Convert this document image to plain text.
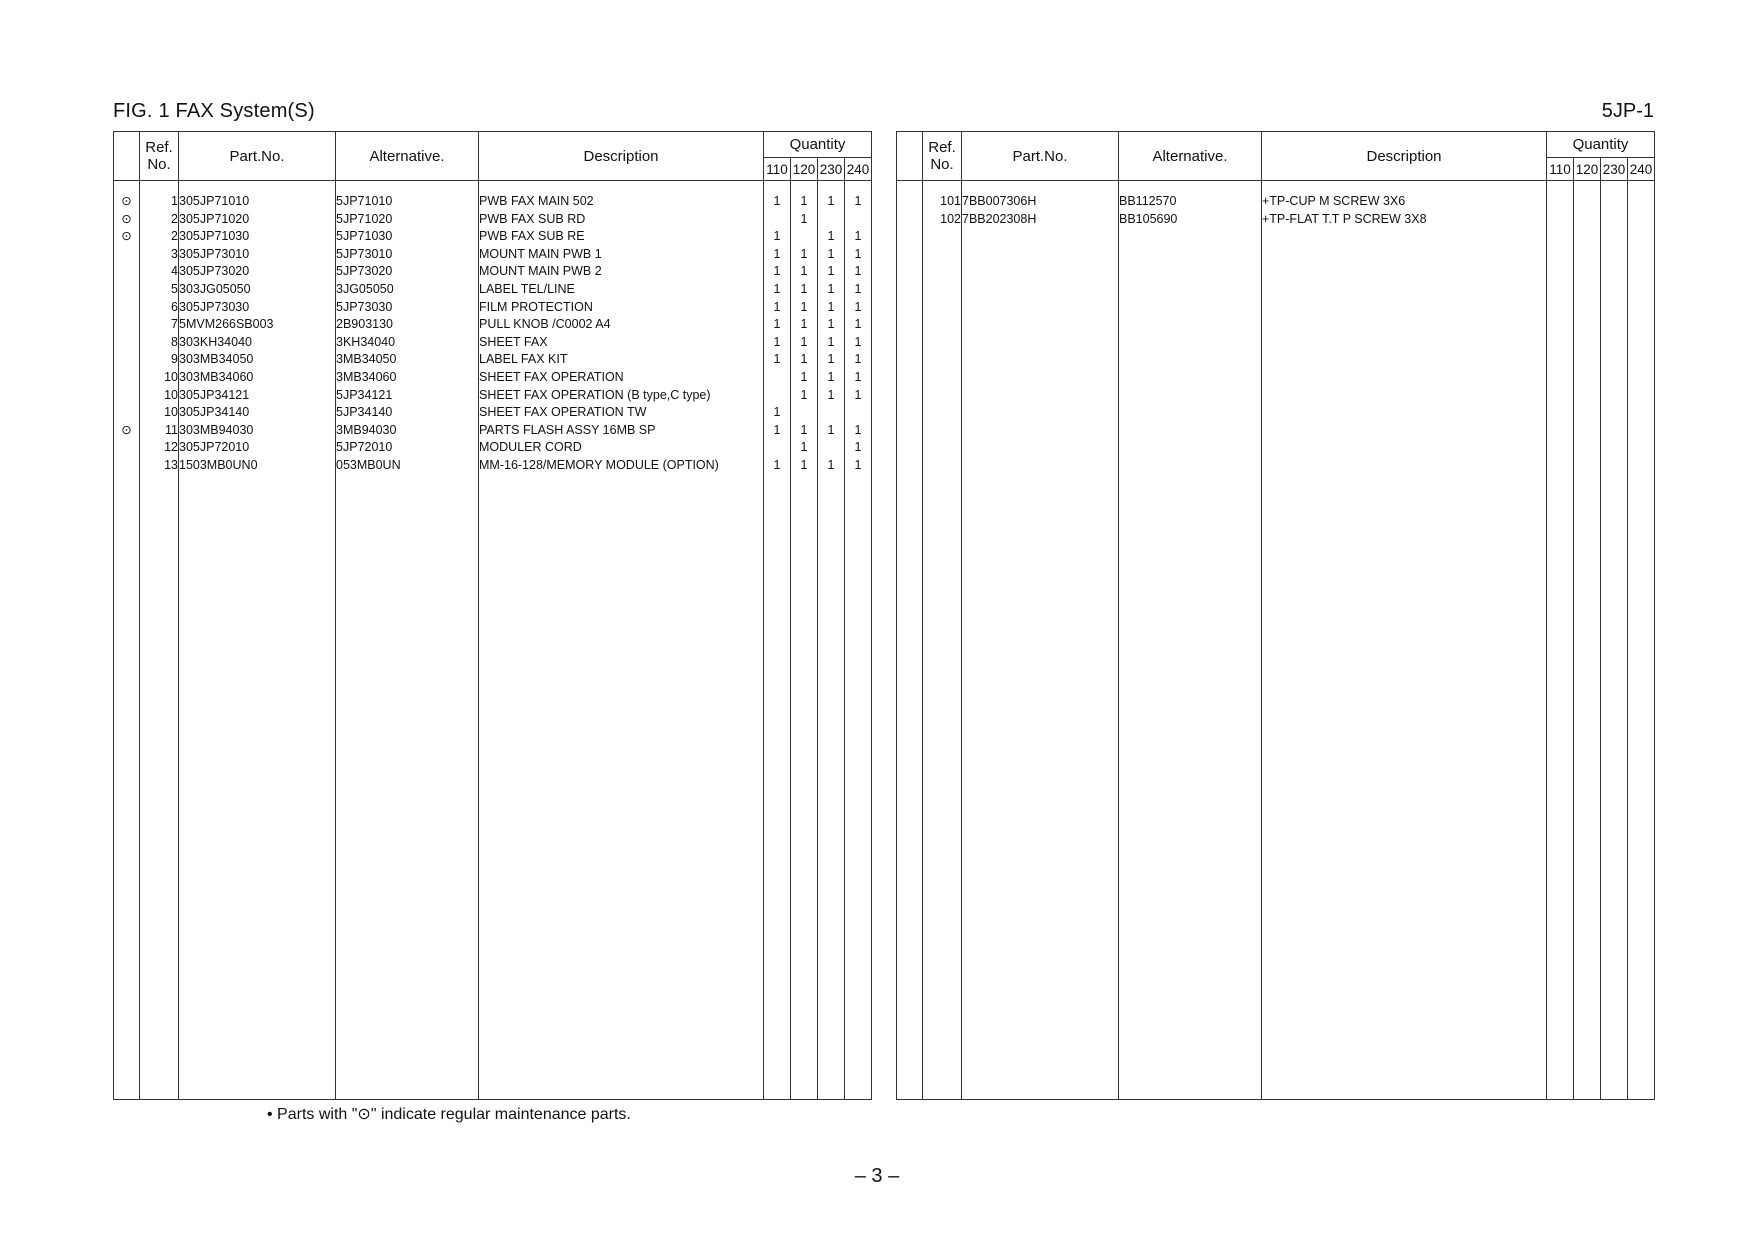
FIG. 1 FAX System(S)	5JP-1
	Ref.
No.	Part.No.	Alternative.	Description	Quantity			
					110	120	230	240

⊙	1	305JP71010	5JP71010	PWB FAX MAIN 502	1	1	1	1
⊙	2	305JP71020	5JP71020	PWB FAX SUB RD		1		
⊙	2	305JP71030	5JP71030	PWB FAX SUB RE	1		1	1
	3	305JP73010	5JP73010	MOUNT MAIN PWB 1	1	1	1	1
	4	305JP73020	5JP73020	MOUNT MAIN PWB 2	1	1	1	1
	5	303JG05050	3JG05050	LABEL TEL/LINE	1	1	1	1
	6	305JP73030	5JP73030	FILM PROTECTION	1	1	1	1
	7	5MVM266SB003	2B903130	PULL KNOB /C0002 A4	1	1	1	1
	8	303KH34040	3KH34040	SHEET FAX	1	1	1	1
	9	303MB34050	3MB34050	LABEL FAX KIT	1	1	1	1
	10	303MB34060	3MB34060	SHEET FAX OPERATION		1	1	1
	10	305JP34121	5JP34121	SHEET FAX OPERATION (B type,C type)		1	1	1
	10	305JP34140	5JP34140	SHEET FAX OPERATION TW	1			
⊙	11	303MB94030	3MB94030	PARTS FLASH ASSY 16MB SP	1	1	1	1
	12	305JP72010	5JP72010	MODULER CORD		1		1
	13	1503MB0UN0	053MB0UN	MM-16-128/MEMORY MODULE (OPTION)	1	1	1	1

	Ref.
No.	Part.No.	Alternative.	Description	Quantity			
					110	120	230	240

	101	7BB007306H	BB112570	+TP-CUP M SCREW 3X6				
	102	7BB202308H	BB105690	+TP-FLAT T.T P SCREW 3X8				

• Parts with "⊙" indicate regular maintenance parts.
– 3 –
